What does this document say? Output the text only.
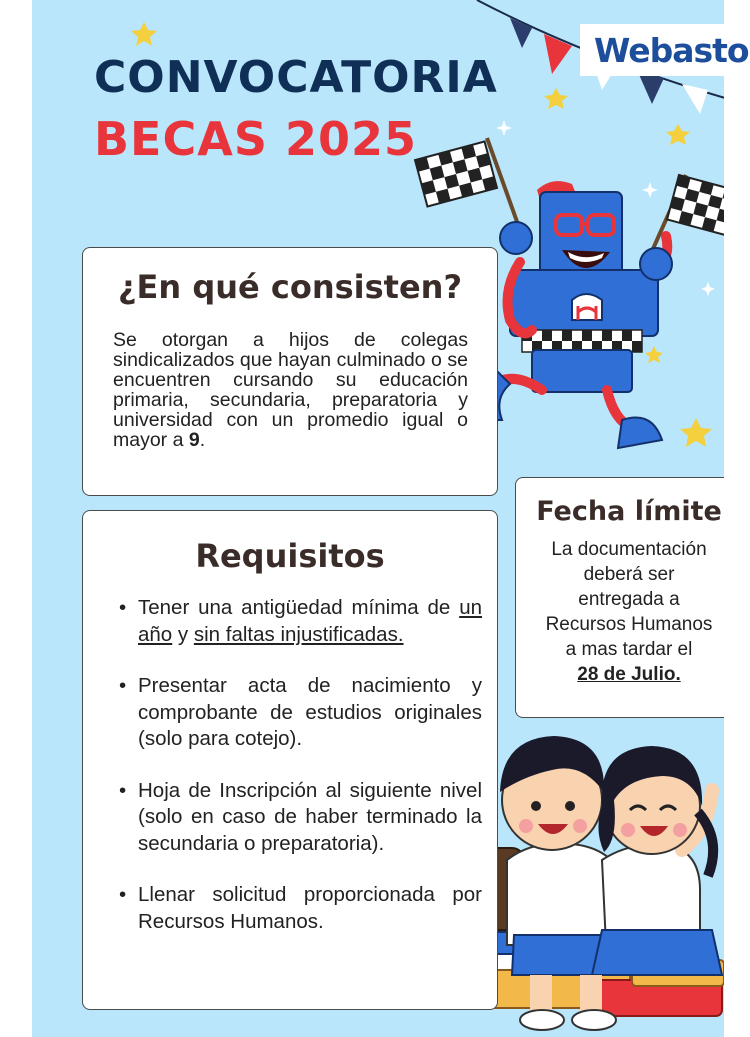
CONVOCATORIA
BECAS 2025
¿En qué consisten?

Se otorgan a hijos de colegas sindicalizados que hayan culminado o se encuentren cursando su educación primaria, secundaria, preparatoria y universidad con un promedio igual o mayor a 9.

Requisitos
• Tener una antigüedad mínima de un año y sin faltas injustificadas.
• Presentar acta de nacimiento y comprobante de estudios originales (solo para cotejo).
• Hoja de Inscripción al siguiente nivel (solo en caso de haber terminado la secundaria o preparatoria).
• Llenar solicitud proporcionada por Recursos Humanos.
Fecha límite
La documentación
deberá ser
entregada a
Recursos Humanos
a mas tardar el
28 de Julio.
Webasto
